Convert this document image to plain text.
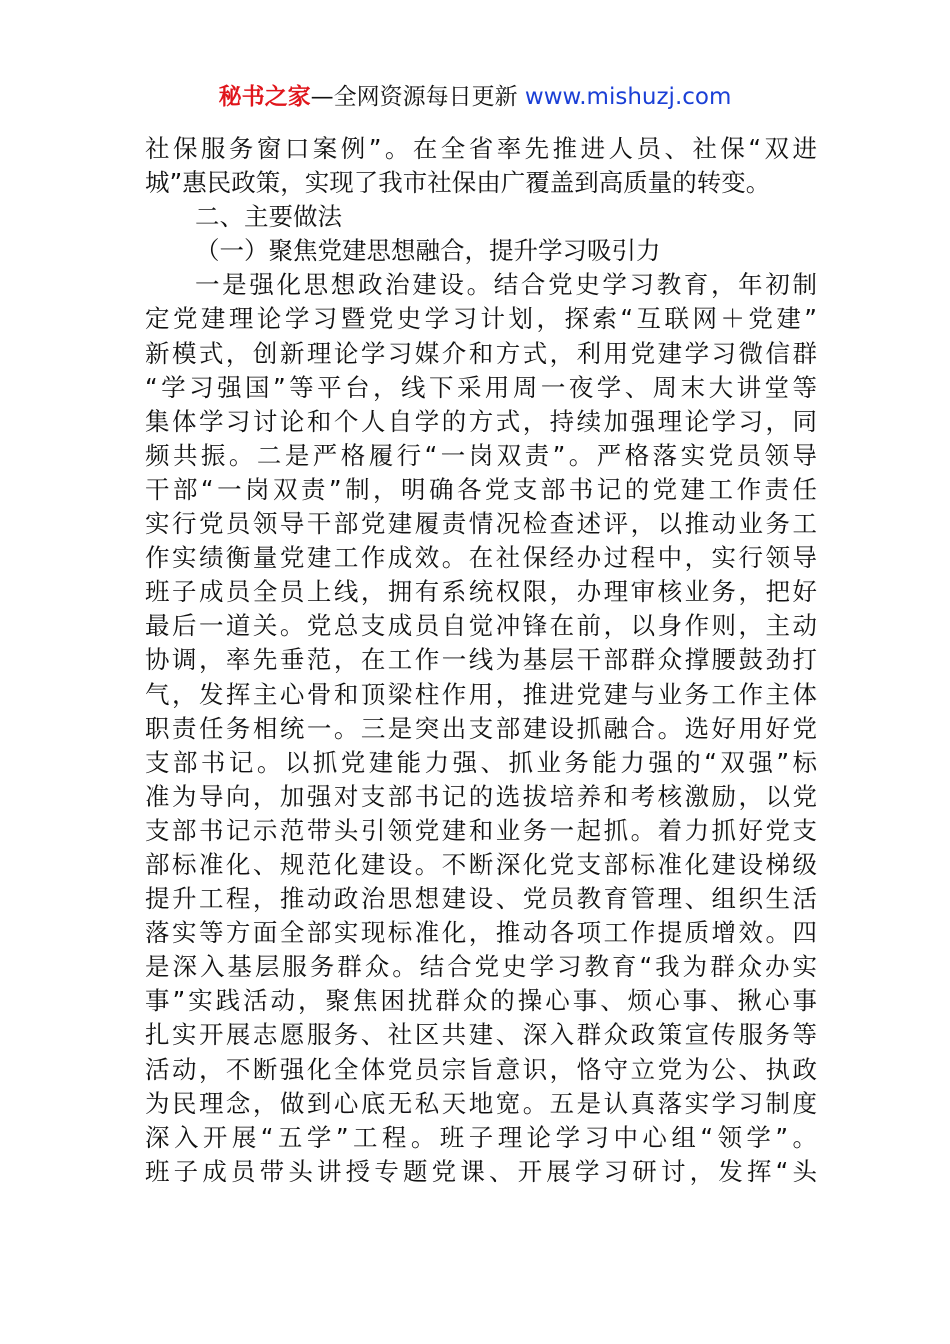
秘书之家—全网资源每日更新 www.mishuzj.com
社保服务窗口案例”。在全省率先推进人员、社保“双进
城”惠民政策，实现了我市社保由广覆盖到高质量的转变。
二、主要做法
（一）聚焦党建思想融合，提升学习吸引力
一是强化思想政治建设。结合党史学习教育，年初制
定党建理论学习暨党史学习计划，探索“互联网＋党建”
新模式，创新理论学习媒介和方式，利用党建学习微信群
“学习强国”等平台，线下采用周一夜学、周末大讲堂等
集体学习讨论和个人自学的方式，持续加强理论学习，同
频共振。二是严格履行“一岗双责”。严格落实党员领导
干部“一岗双责”制，明确各党支部书记的党建工作责任
实行党员领导干部党建履责情况检查述评，以推动业务工
作实绩衡量党建工作成效。在社保经办过程中，实行领导
班子成员全员上线，拥有系统权限，办理审核业务，把好
最后一道关。党总支成员自觉冲锋在前，以身作则，主动
协调，率先垂范，在工作一线为基层干部群众撑腰鼓劲打
气，发挥主心骨和顶梁柱作用，推进党建与业务工作主体
职责任务相统一。三是突出支部建设抓融合。选好用好党
支部书记。以抓党建能力强、抓业务能力强的“双强”标
准为导向，加强对支部书记的选拔培养和考核激励，以党
支部书记示范带头引领党建和业务一起抓。着力抓好党支
部标准化、规范化建设。不断深化党支部标准化建设梯级
提升工程，推动政治思想建设、党员教育管理、组织生活
落实等方面全部实现标准化，推动各项工作提质增效。四
是深入基层服务群众。结合党史学习教育“我为群众办实
事”实践活动，聚焦困扰群众的操心事、烦心事、揪心事
扎实开展志愿服务、社区共建、深入群众政策宣传服务等
活动，不断强化全体党员宗旨意识，恪守立党为公、执政
为民理念，做到心底无私天地宽。五是认真落实学习制度
深入开展“五学”工程。班子理论学习中心组“领学”。
班子成员带头讲授专题党课、开展学习研讨，发挥“头
